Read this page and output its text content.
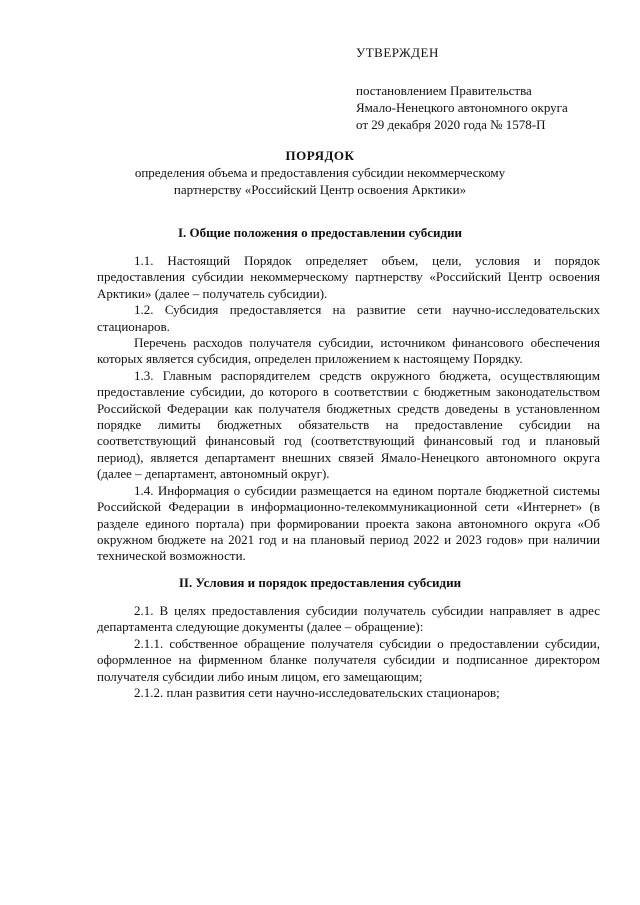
УТВЕРЖДЕН
постановлением Правительства
Ямало-Ненецкого автономного округа
от 29 декабря 2020 года № 1578-П
ПОРЯДОК
определения объема и предоставления субсидии некоммерческому
партнерству «Российский Центр освоения Арктики»
I. Общие положения о предоставлении субсидии

1.1. Настоящий Порядок определяет объем, цели, условия и порядок предоставления субсидии некоммерческому партнерству «Российский Центр освоения Арктики» (далее – получатель субсидии).

1.2. Субсидия предоставляется на развитие сети научно-исследовательских стационаров.

Перечень расходов получателя субсидии, источником финансового обеспечения которых является субсидия, определен приложением к настоящему Порядку.

1.3. Главным распорядителем средств окружного бюджета, осуществляющим предоставление субсидии, до которого в соответствии с бюджетным законодательством Российской Федерации как получателя бюджетных средств доведены в установленном порядке лимиты бюджетных обязательств на предоставление субсидии на соответствующий финансовый год (соответствующий финансовый год и плановый период), является департамент внешних связей Ямало-Ненецкого автономного округа (далее – департамент, автономный округ).

1.4. Информация о субсидии размещается на едином портале бюджетной системы Российской Федерации в информационно-телекоммуникационной сети «Интернет» (в разделе единого портала) при формировании проекта закона автономного округа «Об окружном бюджете на 2021 год и на плановый период 2022 и 2023 годов» при наличии технической возможности.

II. Условия и порядок предоставления субсидии

2.1. В целях предоставления субсидии получатель субсидии направляет в адрес департамента следующие документы (далее – обращение):

2.1.1. собственное обращение получателя субсидии о предоставлении субсидии, оформленное на фирменном бланке получателя субсидии и подписанное директором получателя субсидии либо иным лицом, его замещающим;

2.1.2. план развития сети научно-исследовательских стационаров;
